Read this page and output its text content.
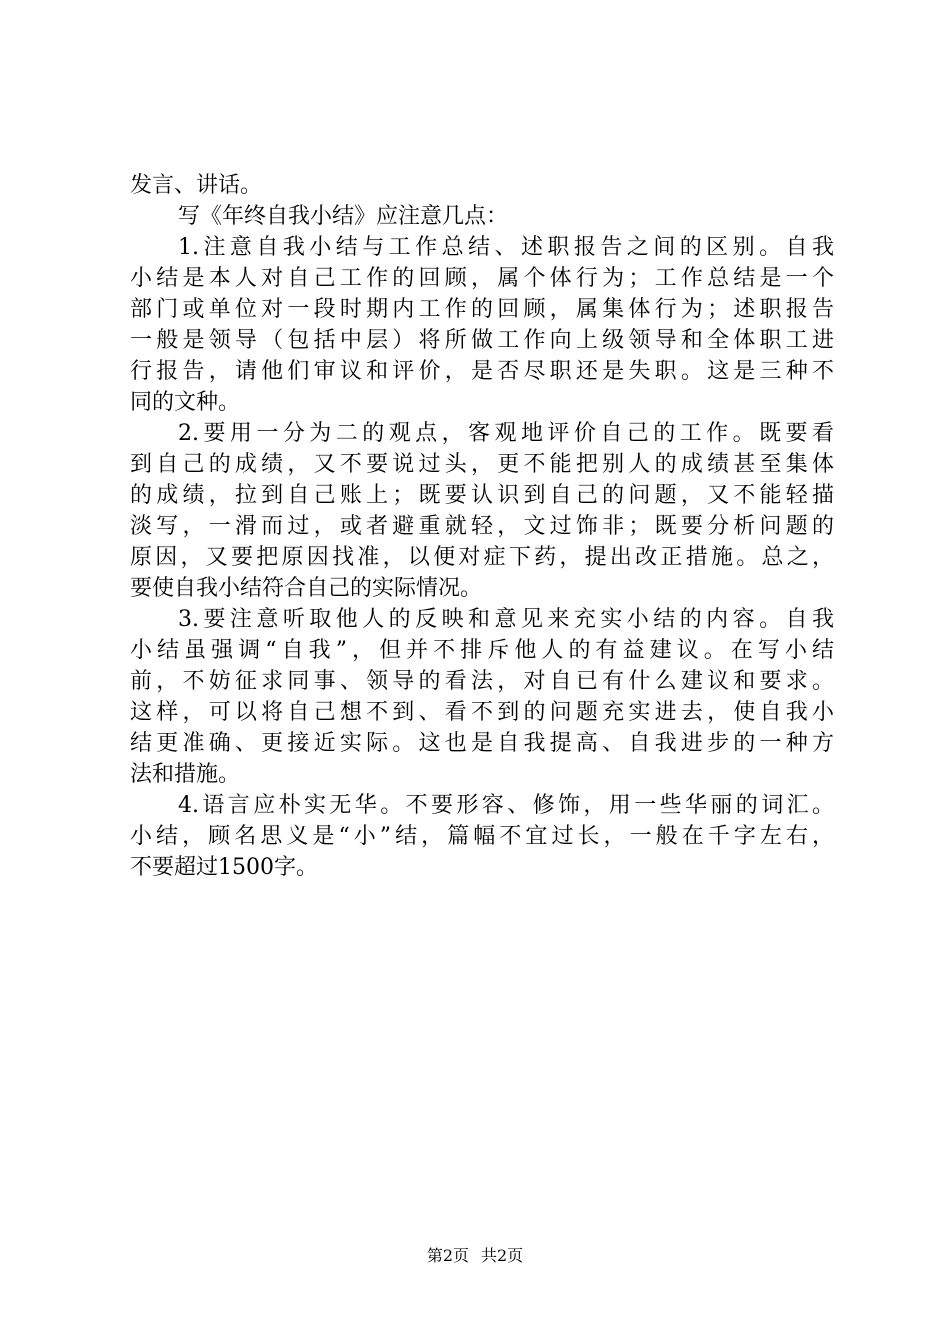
发言、讲话。
写《年终自我小结》应注意几点：
1.注意自我小结与工作总结、述职报告之间的区别。自我
小结是本人对自己工作的回顾，属个体行为；工作总结是一个
部门或单位对一段时期内工作的回顾，属集体行为；述职报告
一般是领导（包括中层）将所做工作向上级领导和全体职工进
行报告，请他们审议和评价，是否尽职还是失职。这是三种不
同的文种。
2.要用一分为二的观点，客观地评价自己的工作。既要看
到自己的成绩，又不要说过头，更不能把别人的成绩甚至集体
的成绩，拉到自己账上；既要认识到自己的问题，又不能轻描
淡写，一滑而过，或者避重就轻，文过饰非；既要分析问题的
原因，又要把原因找准，以便对症下药，提出改正措施。总之，
要使自我小结符合自己的实际情况。
3.要注意听取他人的反映和意见来充实小结的内容。自我
小结虽强调“自我”，但并不排斥他人的有益建议。在写小结
前，不妨征求同事、领导的看法，对自已有什么建议和要求。
这样，可以将自己想不到、看不到的问题充实进去，使自我小
结更准确、更接近实际。这也是自我提高、自我进步的一种方
法和措施。
4.语言应朴实无华。不要形容、修饰，用一些华丽的词汇。
小结，顾名思义是“小”结，篇幅不宜过长，一般在千字左右，
不要超过1500字。
第2页 共2页
